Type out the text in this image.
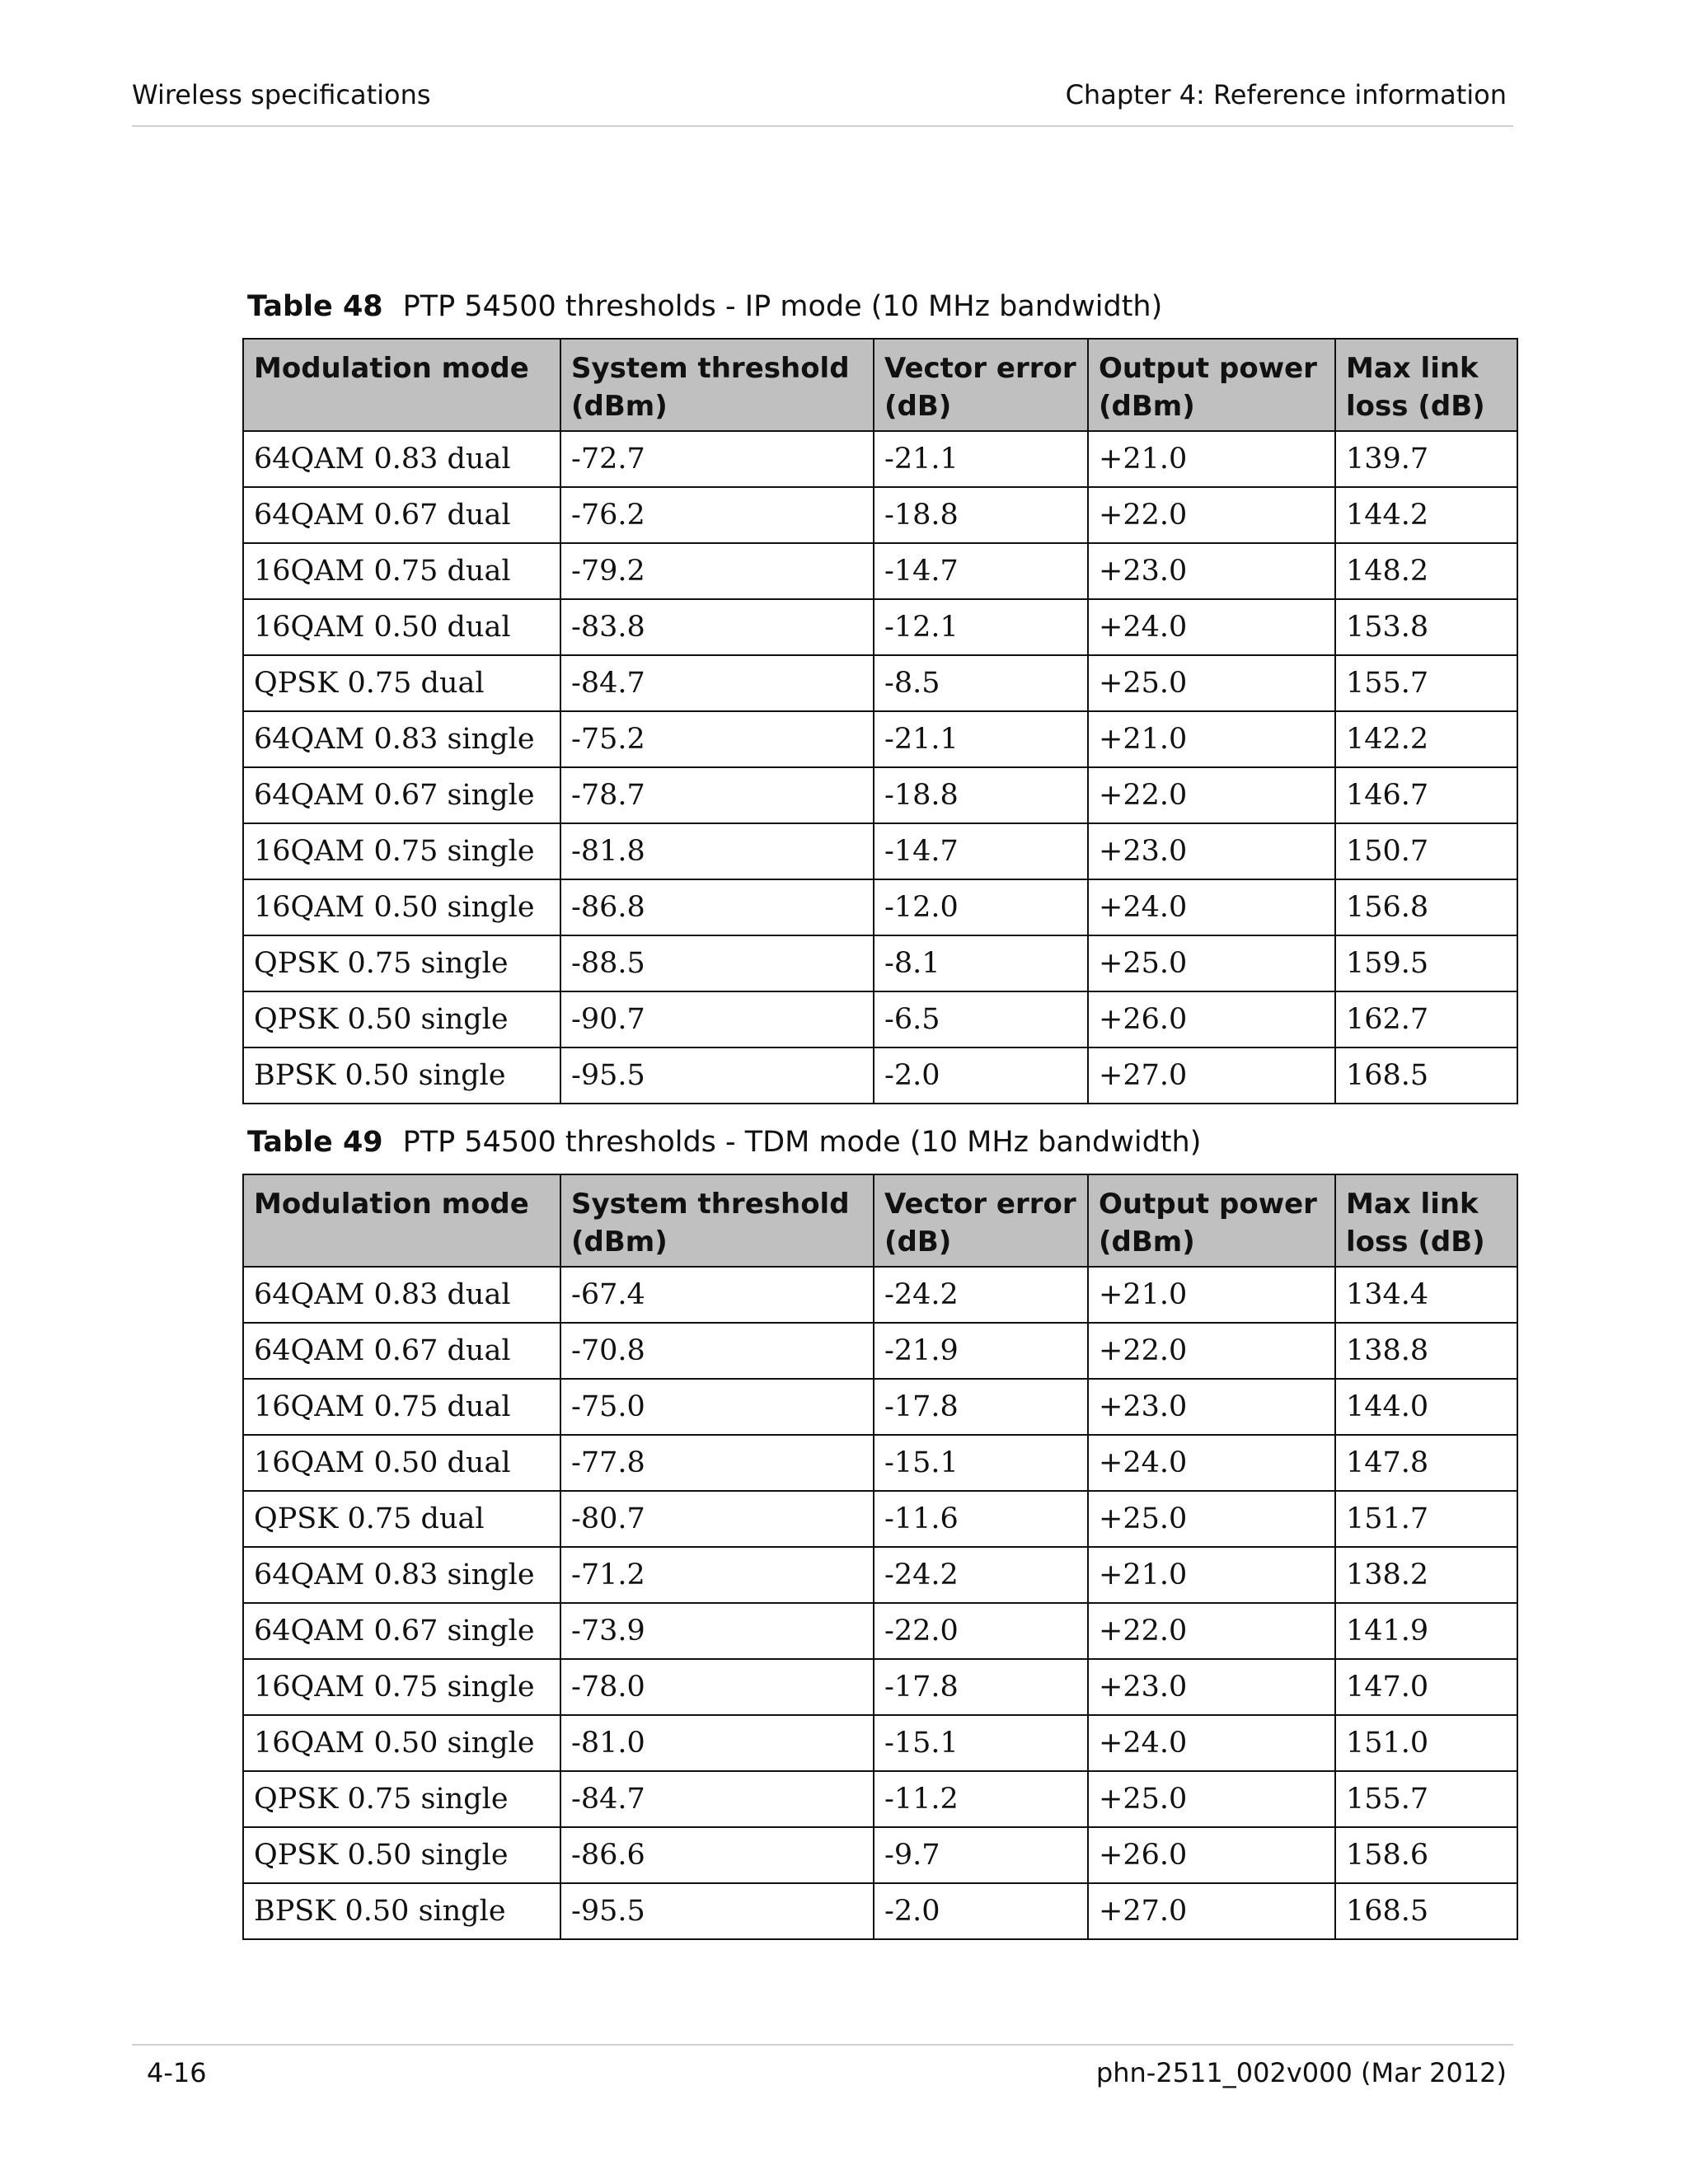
Wireless specifications	Chapter 4: Reference information
Table 48 PTP 54500 thresholds - IP mode (10 MHz bandwidth)
Modulation mode	System threshold (dBm)	Vector error (dB)	Output power (dBm)	Max link loss (dB)
64QAM 0.83 dual	-72.7	-21.1	+21.0	139.7
64QAM 0.67 dual	-76.2	-18.8	+22.0	144.2
16QAM 0.75 dual	-79.2	-14.7	+23.0	148.2
16QAM 0.50 dual	-83.8	-12.1	+24.0	153.8
QPSK 0.75 dual	-84.7	-8.5	+25.0	155.7
64QAM 0.83 single	-75.2	-21.1	+21.0	142.2
64QAM 0.67 single	-78.7	-18.8	+22.0	146.7
16QAM 0.75 single	-81.8	-14.7	+23.0	150.7
16QAM 0.50 single	-86.8	-12.0	+24.0	156.8
QPSK 0.75 single	-88.5	-8.1	+25.0	159.5
QPSK 0.50 single	-90.7	-6.5	+26.0	162.7
BPSK 0.50 single	-95.5	-2.0	+27.0	168.5
Table 49 PTP 54500 thresholds - TDM mode (10 MHz bandwidth)
Modulation mode	System threshold (dBm)	Vector error (dB)	Output power (dBm)	Max link loss (dB)
64QAM 0.83 dual	-67.4	-24.2	+21.0	134.4
64QAM 0.67 dual	-70.8	-21.9	+22.0	138.8
16QAM 0.75 dual	-75.0	-17.8	+23.0	144.0
16QAM 0.50 dual	-77.8	-15.1	+24.0	147.8
QPSK 0.75 dual	-80.7	-11.6	+25.0	151.7
64QAM 0.83 single	-71.2	-24.2	+21.0	138.2
64QAM 0.67 single	-73.9	-22.0	+22.0	141.9
16QAM 0.75 single	-78.0	-17.8	+23.0	147.0
16QAM 0.50 single	-81.0	-15.1	+24.0	151.0
QPSK 0.75 single	-84.7	-11.2	+25.0	155.7
QPSK 0.50 single	-86.6	-9.7	+26.0	158.6
BPSK 0.50 single	-95.5	-2.0	+27.0	168.5
4-16	phn-2511_002v000 (Mar 2012)
